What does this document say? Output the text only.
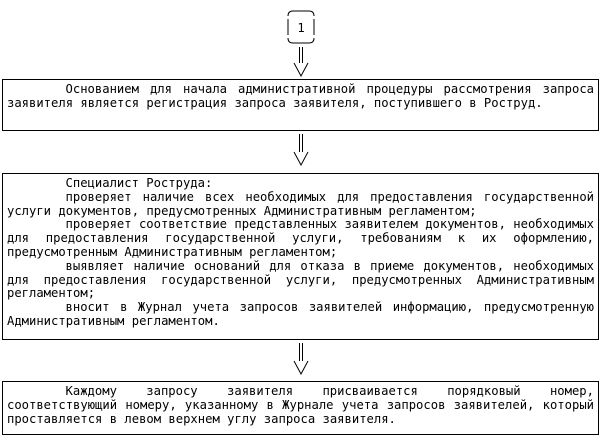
1

Основанием для начала административной процедуры рассмотрения запроса заявителя является регистрация запроса заявителя, поступившего в Роструд.

Специалист Роструда:

проверяет наличие всех необходимых для предоставления государственной услуги документов, предусмотренных Административным регламентом;

проверяет соответствие представленных заявителем документов, необходимых для предоставления государственной услуги, требованиям к их оформлению, предусмотренным Административным регламентом;

выявляет наличие оснований для отказа в приеме документов, необходимых для предоставления государственной услуги, предусмотренных Административным регламентом;

вносит в Журнал учета запросов заявителей информацию, предусмотренную Административным регламентом.

Каждому запросу заявителя присваивается порядковый номер, соответствующий номеру, указанному в Журнале учета запросов заявителей, который проставляется в левом верхнем углу запроса заявителя.
